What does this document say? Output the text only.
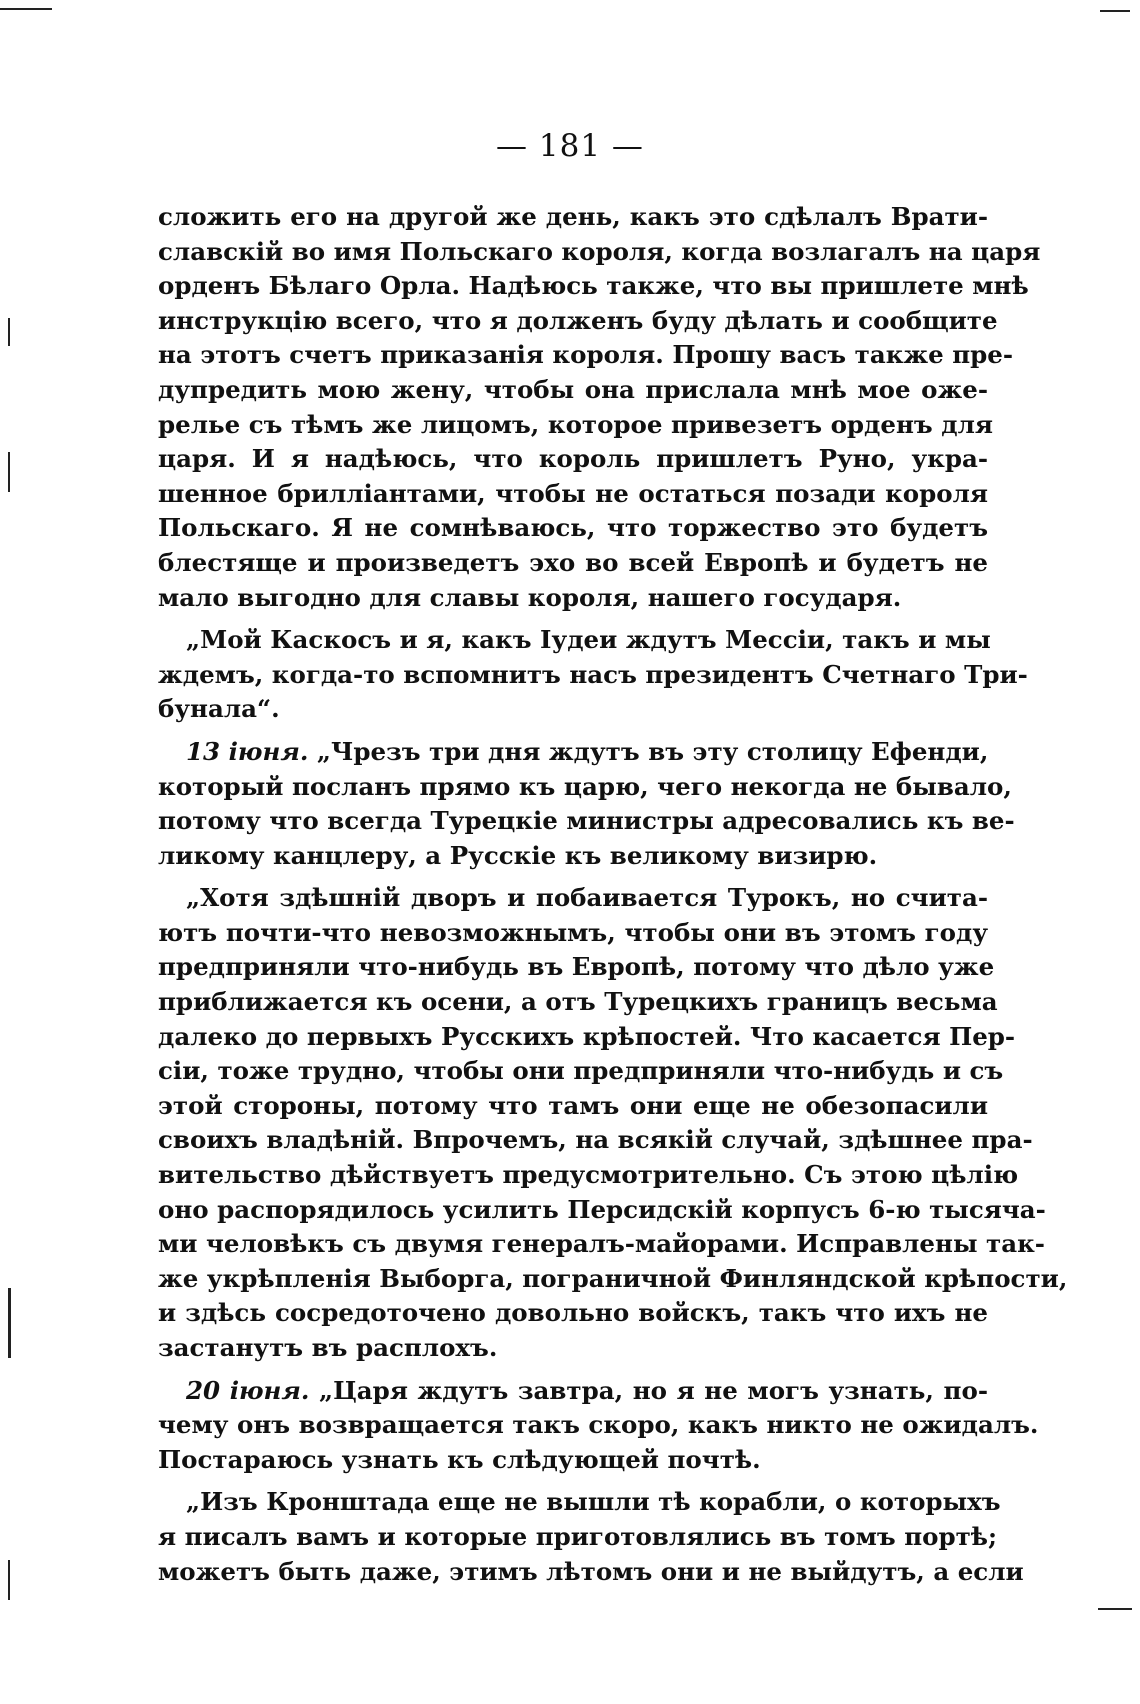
— 181 —
сложить его на другой же день, какъ это сдѣлалъ Врати-
славскій во имя Польскаго короля, когда возлагалъ на царя
орденъ Бѣлаго Орла. Надѣюсь также, что вы пришлете мнѣ
инструкцію всего, что я долженъ буду дѣлать и сообщите
на этотъ счетъ приказанія короля. Прошу васъ также пре-
дупредить мою жену, чтобы она прислала мнѣ мое оже-
релье съ тѣмъ же лицомъ, которое привезетъ орденъ для
царя. И я надѣюсь, что король пришлетъ Руно, укра-
шенное брилліантами, чтобы не остаться позади короля
Польскаго. Я не сомнѣваюсь, что торжество это будетъ
блестяще и произведетъ эхо во всей Европѣ и будетъ не
мало выгодно для славы короля, нашего государя.
„Мой Каскосъ и я, какъ Іудеи ждутъ Мессіи, такъ и мы
ждемъ, когда-то вспомнитъ насъ президентъ Счетнаго Три-
бунала“.
13 іюня. „Чрезъ три дня ждутъ въ эту столицу Ефенди,
который посланъ прямо къ царю, чего некогда не бывало,
потому что всегда Турецкіе министры адресовались къ ве-
ликому канцлеру, а Русскіе къ великому визирю.
„Хотя здѣшній дворъ и побаивается Турокъ, но счита-
ютъ почти-что невозможнымъ, чтобы они въ этомъ году
предприняли что-нибудь въ Европѣ, потому что дѣло уже
приближается къ осени, а отъ Турецкихъ границъ весьма
далеко до первыхъ Русскихъ крѣпостей. Что касается Пер-
сіи, тоже трудно, чтобы они предприняли что-нибудь и съ
этой стороны, потому что тамъ они еще не обезопасили
своихъ владѣній. Впрочемъ, на всякій случай, здѣшнее пра-
вительство дѣйствуетъ предусмотрительно. Съ этою цѣлію
оно распорядилось усилить Персидскій корпусъ 6-ю тысяча-
ми человѣкъ съ двумя генералъ-майорами. Исправлены так-
же укрѣпленія Выборга, пограничной Финляндской крѣпости,
и здѣсь сосредоточено довольно войскъ, такъ что ихъ не
застанутъ въ расплохъ.
20 іюня. „Царя ждутъ завтра, но я не могъ узнать, по-
чему онъ возвращается такъ скоро, какъ никто не ожидалъ.
Постараюсь узнать къ слѣдующей почтѣ.
„Изъ Кронштада еще не вышли тѣ корабли, о которыхъ
я писалъ вамъ и которые приготовлялись въ томъ портѣ;
можетъ быть даже, этимъ лѣтомъ они и не выйдутъ, а если
